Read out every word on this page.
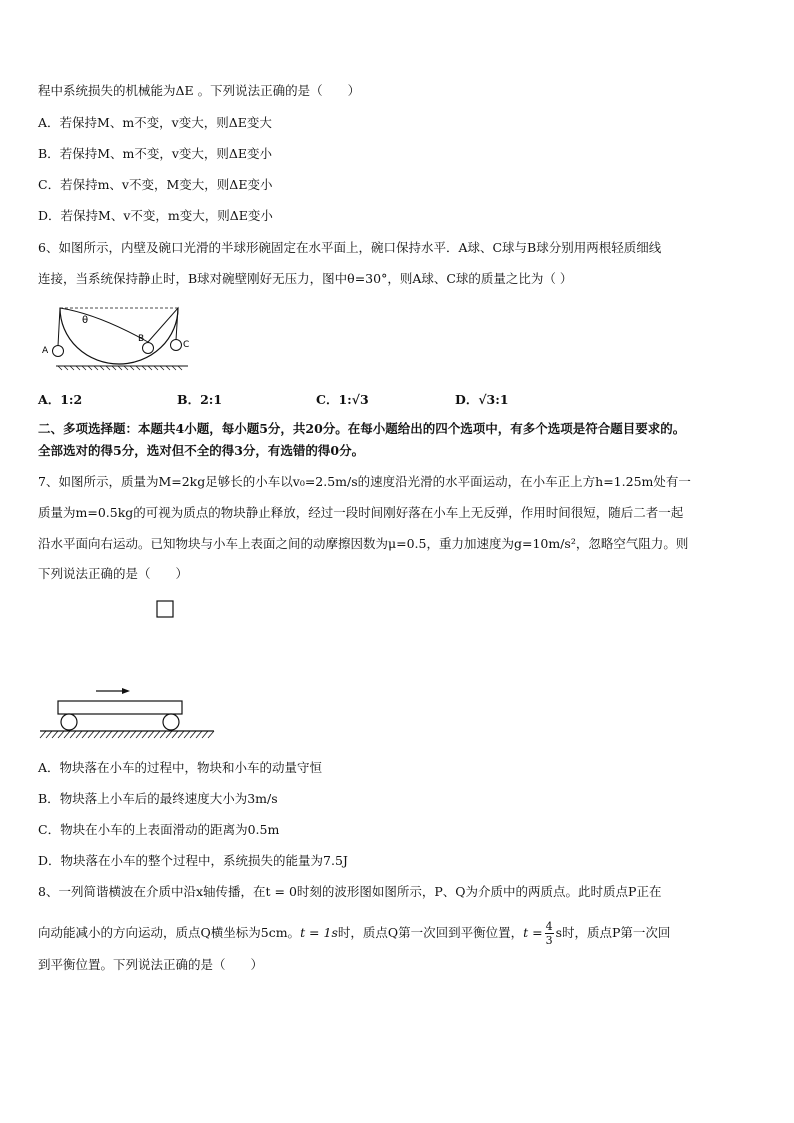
程中系统损失的机械能为ΔE 。下列说法正确的是（　　）
A．若保持M、m不变，v变大，则ΔE变大
B．若保持M、m不变，v变大，则ΔE变小
C．若保持m、v不变，M变大，则ΔE变小
D．若保持M、v不变，m变大，则ΔE变小
6、如图所示，内壁及碗口光滑的半球形碗固定在水平面上，碗口保持水平．A球、C球与B球分别用两根轻质细线
连接，当系统保持静止时，B球对碗壁刚好无压力，图中θ=30°，则A球、C球的质量之比为（ ）
A
B
C
θ
A．1:2	B．2:1	C．1:√3	D．√3:1
二、多项选择题：本题共4小题，每小题5分，共20分。在每小题给出的四个选项中，有多个选项是符合题目要求的。
全部选对的得5分，选对但不全的得3分，有选错的得0分。
7、如图所示，质量为M=2kg足够长的小车以v₀=2.5m/s的速度沿光滑的水平面运动，在小车正上方h=1.25m处有一
质量为m=0.5kg的可视为质点的物块静止释放，经过一段时间刚好落在小车上无反弹，作用时间很短，随后二者一起
沿水平面向右运动。已知物块与小车上表面之间的动摩擦因数为μ=0.5，重力加速度为g=10m/s²，忽略空气阻力。则
下列说法正确的是（　　）
A．物块落在小车的过程中，物块和小车的动量守恒
B．物块落上小车后的最终速度大小为3m/s
C．物块在小车的上表面滑动的距离为0.5m
D．物块落在小车的整个过程中，系统损失的能量为7.5J
8、一列简谐横波在介质中沿x轴传播，在t = 0时刻的波形图如图所示，P、Q为介质中的两质点。此时质点P正在
向动能减小的方向运动，质点Q横坐标为5cm。t = 1s时，质点Q第一次回到平衡位置，$t = \frac{4}{3}$ s时，质点P第一次回
到平衡位置。下列说法正确的是（　　）
